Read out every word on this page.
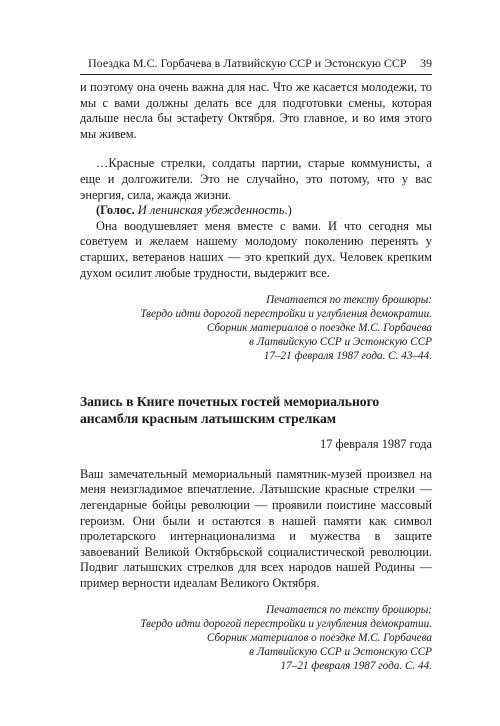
Поездка М.С. Горбачева в Латвийскую ССР и Эстонскую ССР 39

и поэтому она очень важна для нас. Что же касается молодежи, то мы с вами должны делать все для подготовки смены, которая дальше несла бы эстафету Октября. Это главное, и во имя этого мы живем.

…Красные стрелки, солдаты партии, старые коммунисты, а еще и долгожители. Это не случайно, это потому, что у вас энергия, сила, жажда жизни.

(Голос. И ленинская убежденность.)

Она воодушевляет меня вместе с вами. И что сегодня мы советуем и желаем нашему молодому поколению перенять у старших, ветеранов наших — это крепкий дух. Человек крепким духом осилит любые трудности, выдержит все.

Печатается по тексту брошюры:
Твердо идти дорогой перестройки и углубления демократии.
Сборник материалов о поездке М.С. Горбачева
в Латвийскую ССР и Эстонскую ССР
17–21 февраля 1987 года. С. 43–44.

Запись в Книге почетных гостей мемориального ансамбля красным латышским стрелкам

17 февраля 1987 года

Ваш замечательный мемориальный памятник-музей произвел на меня неизгладимое впечатление. Латышские красные стрелки — легендарные бойцы революции — проявили поистине массовый героизм. Они были и остаются в нашей памяти как символ пролетарского интернационализма и мужества в защите завоеваний Великой Октябрьской социалистической революции. Подвиг латышских стрелков для всех народов нашей Родины — пример верности идеалам Великого Октября.

Печатается по тексту брошюры:
Твердо идти дорогой перестройки и углубления демократии.
Сборник материалов о поездке М.С. Горбачева
в Латвийскую ССР и Эстонскую ССР
17–21 февраля 1987 года. С. 44.
